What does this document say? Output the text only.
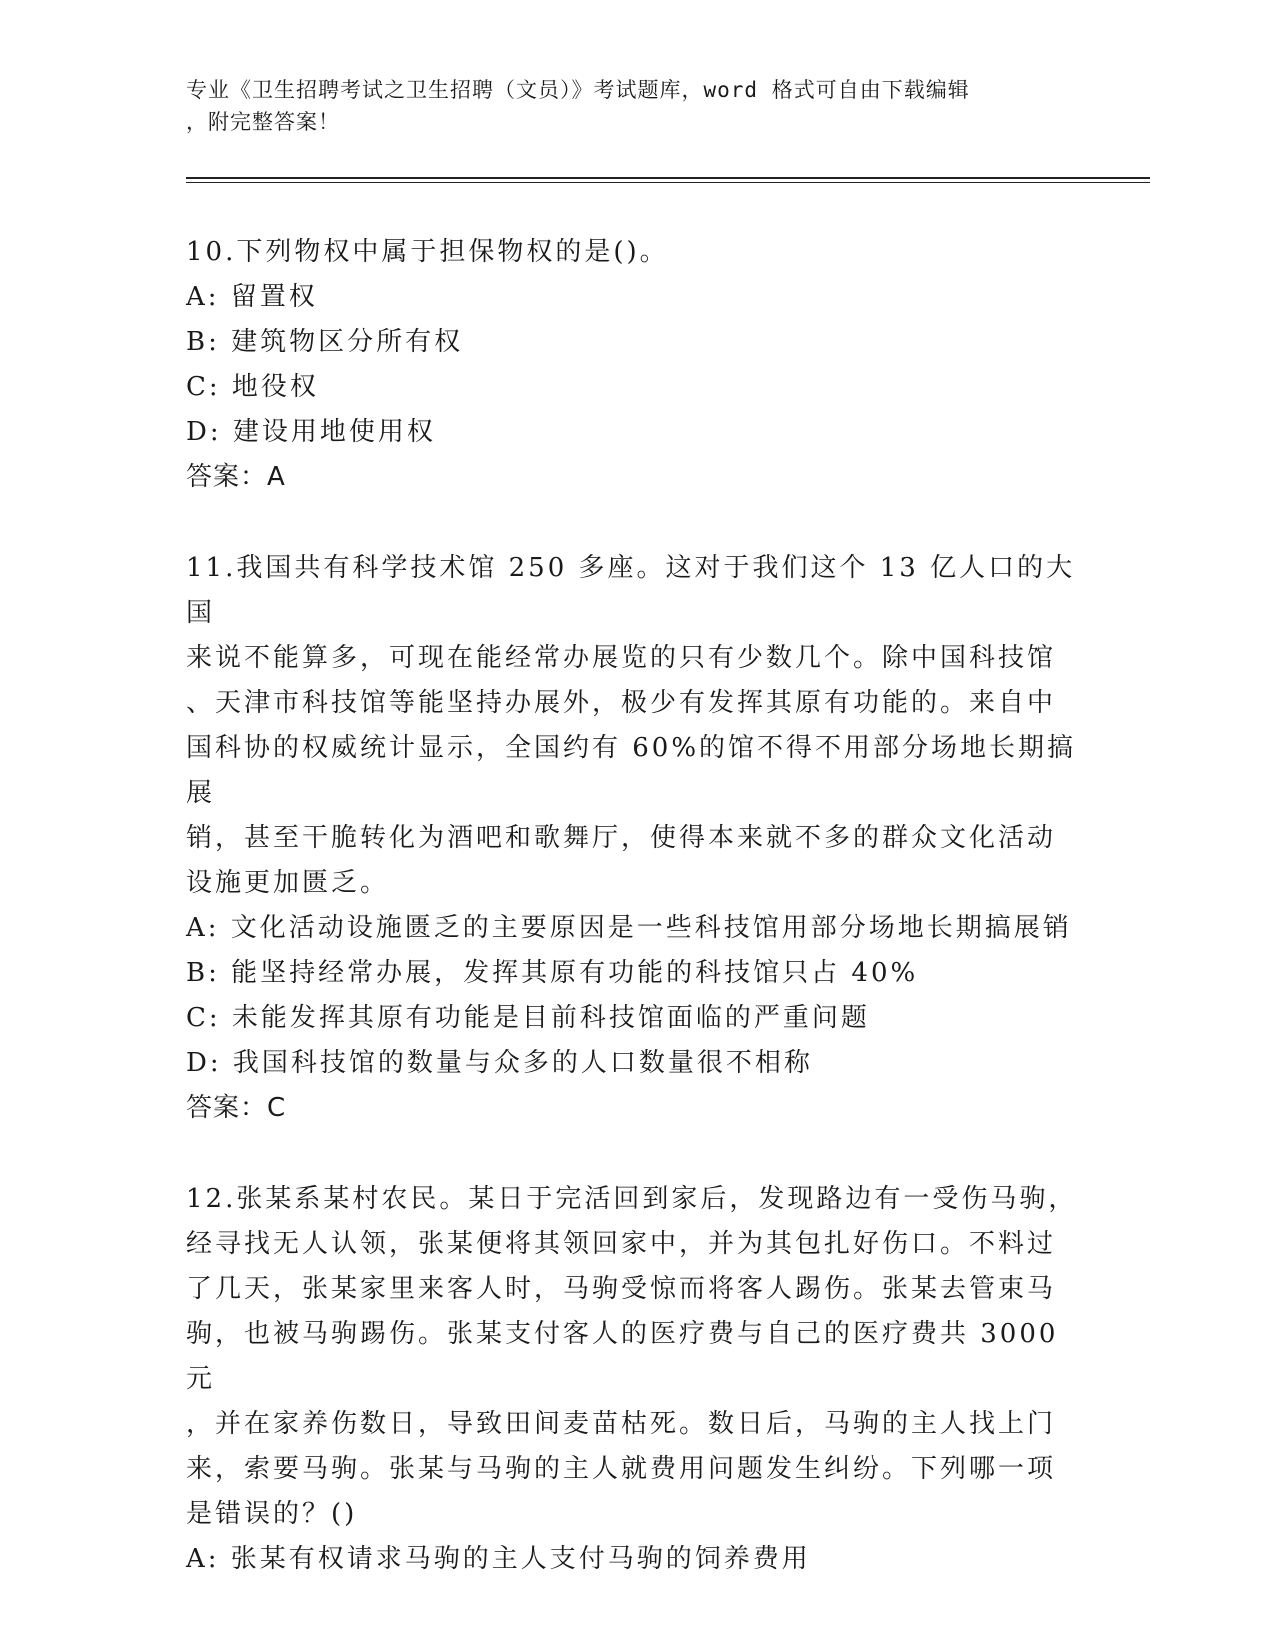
专业《卫生招聘考试之卫生招聘（文员）》考试题库，word 格式可自由下载编辑
，附完整答案！
10.下列物权中属于担保物权的是()。
A: 留置权
B: 建筑物区分所有权
C: 地役权
D: 建设用地使用权
答案：A
11.我国共有科学技术馆 250 多座。这对于我们这个 13 亿人口的大国
来说不能算多，可现在能经常办展览的只有少数几个。除中国科技馆
、天津市科技馆等能坚持办展外，极少有发挥其原有功能的。来自中
国科协的权威统计显示，全国约有 60%的馆不得不用部分场地长期搞展
销，甚至干脆转化为酒吧和歌舞厅，使得本来就不多的群众文化活动
设施更加匮乏。
A: 文化活动设施匮乏的主要原因是一些科技馆用部分场地长期搞展销
B: 能坚持经常办展，发挥其原有功能的科技馆只占 40%
C: 未能发挥其原有功能是目前科技馆面临的严重问题
D: 我国科技馆的数量与众多的人口数量很不相称
答案：C
12.张某系某村农民。某日于完活回到家后，发现路边有一受伤马驹，
经寻找无人认领，张某便将其领回家中，并为其包扎好伤口。不料过
了几天，张某家里来客人时，马驹受惊而将客人踢伤。张某去管束马
驹，也被马驹踢伤。张某支付客人的医疗费与自己的医疗费共 3000 元
，并在家养伤数日，导致田间麦苗枯死。数日后，马驹的主人找上门
来，索要马驹。张某与马驹的主人就费用问题发生纠纷。下列哪一项
是错误的？()
A: 张某有权请求马驹的主人支付马驹的饲养费用
